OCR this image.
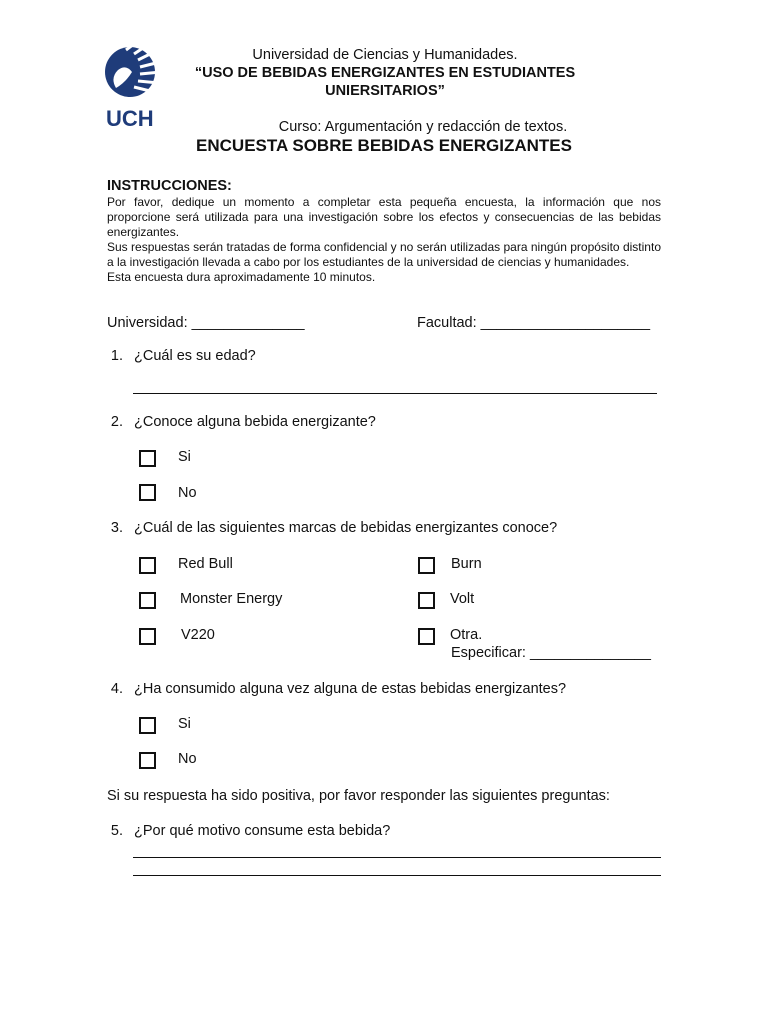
UCH
Universidad de Ciencias y Humanidades.
“USO DE BEBIDAS ENERGIZANTES EN ESTUDIANTES
UNIERSITARIOS”
Curso: Argumentación y redacción de textos.
ENCUESTA SOBRE BEBIDAS ENERGIZANTES
INSTRUCCIONES:

Por favor, dedique un momento a completar esta pequeña encuesta, la información que nos proporcione será utilizada para una investigación sobre los efectos y consecuencias de las bebidas energizantes.

Sus respuestas serán tratadas de forma confidencial y no serán utilizadas para ningún propósito distinto a la investigación llevada a cabo por los estudiantes de la universidad de ciencias y humanidades.

Esta encuesta dura aproximadamente 10 minutos.

Universidad: ______________	Facultad: _____________________
1. ¿Cuál es su edad?
2. ¿Conoce alguna bebida energizante?
Si
No
3. ¿Cuál de las siguientes marcas de bebidas energizantes conoce?
Red Bull
Monster Energy
V220
Burn
Volt
Otra.
Especificar: _______________
4. ¿Ha consumido alguna vez alguna de estas bebidas energizantes?
Si
No
Si su respuesta ha sido positiva, por favor responder las siguientes preguntas:
5. ¿Por qué motivo consume esta bebida?
